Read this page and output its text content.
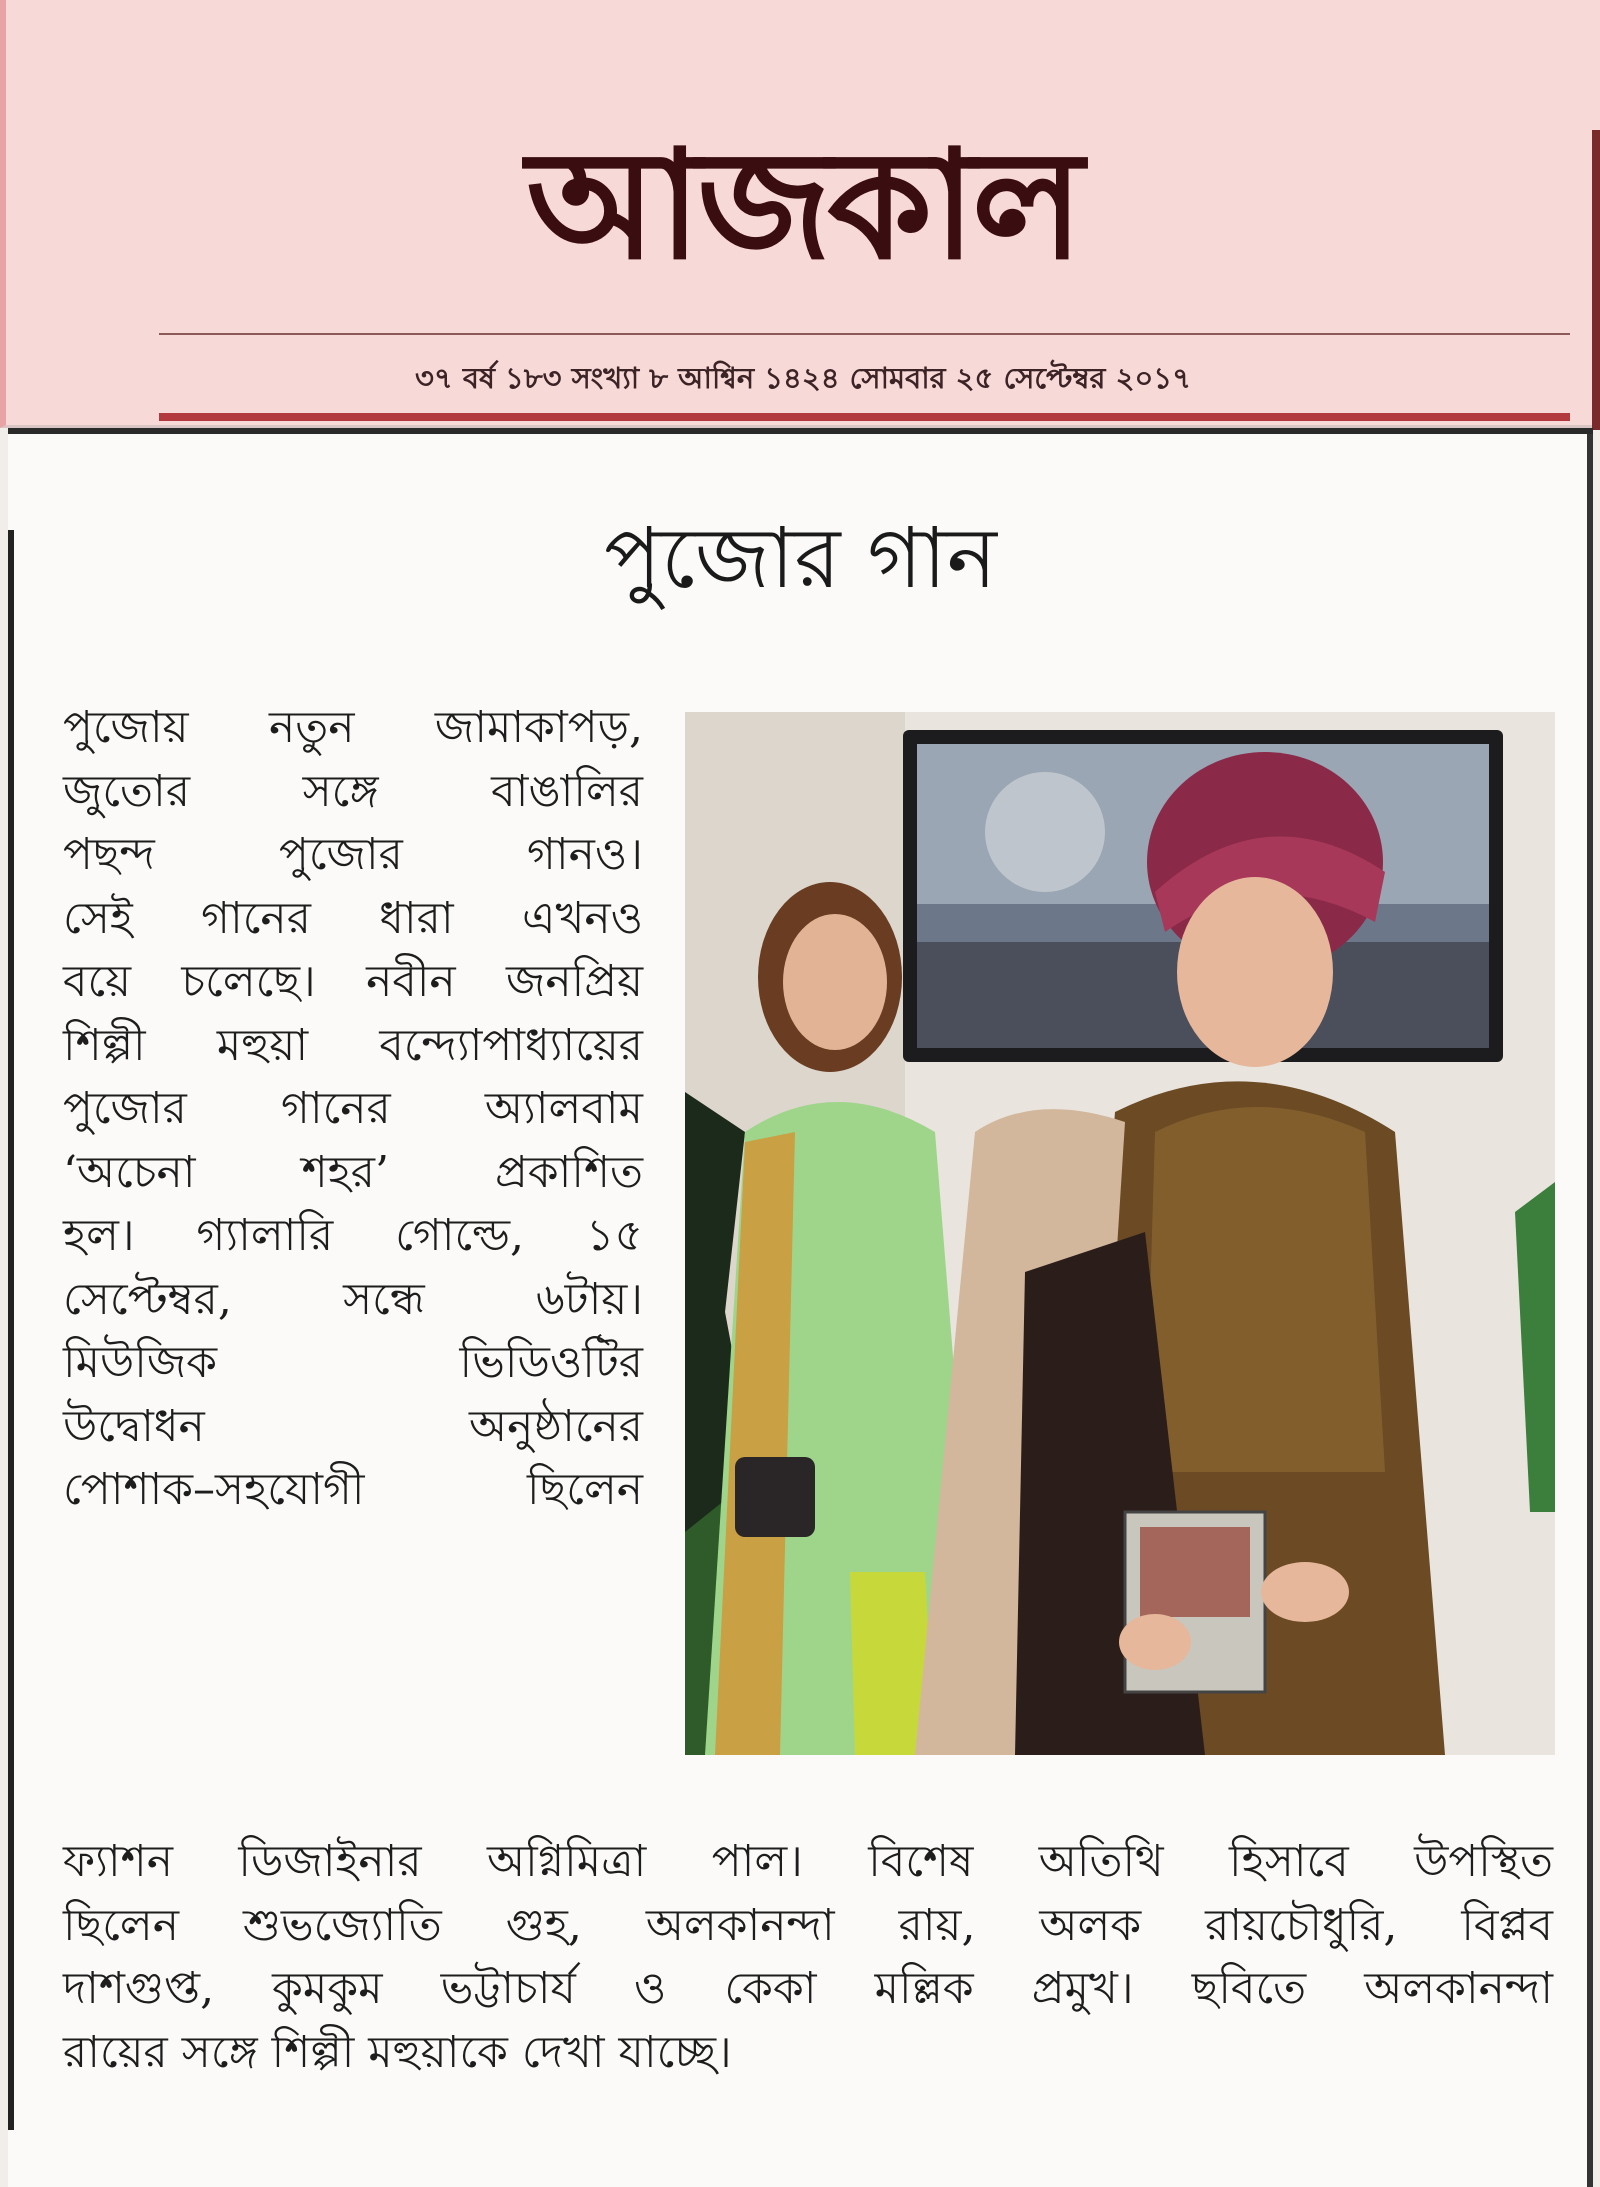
আজকাল
৩৭ বর্ষ ১৮৩ সংখ্যা ৮ আশ্বিন ১৪২৪ সোমবার ২৫ সেপ্টেম্বর ২০১৭
পুজোর গান
পুজোয় নতুন জামাকাপড়,
জুতোর সঙ্গে বাঙালির
পছন্দ পুজোর গানও।
সেই গানের ধারা এখনও
বয়ে চলেছে। নবীন জনপ্রিয়
শিল্পী মহুয়া বন্দ্যোপাধ্যায়ের
পুজোর গানের অ্যালবাম
‘অচেনা শহর’ প্রকাশিত
হল। গ্যালারি গোল্ডে, ১৫
সেপ্টেম্বর, সন্ধে ৬টায়।
মিউজিক ভিডিওটির
উদ্বোধন অনুষ্ঠানের
পোশাক–সহযোগী ছিলেন
ফ্যাশন ডিজাইনার অগ্নিমিত্রা পাল। বিশেষ অতিথি হিসাবে উপস্থিত
ছিলেন শুভজ্যোতি গুহ, অলকানন্দা রায়, অলক রায়চৌধুরি, বিপ্লব
দাশগুপ্ত, কুমকুম ভট্টাচার্য ও কেকা মল্লিক প্রমুখ। ছবিতে অলকানন্দা
রায়ের সঙ্গে শিল্পী মহুয়াকে দেখা যাচ্ছে।
